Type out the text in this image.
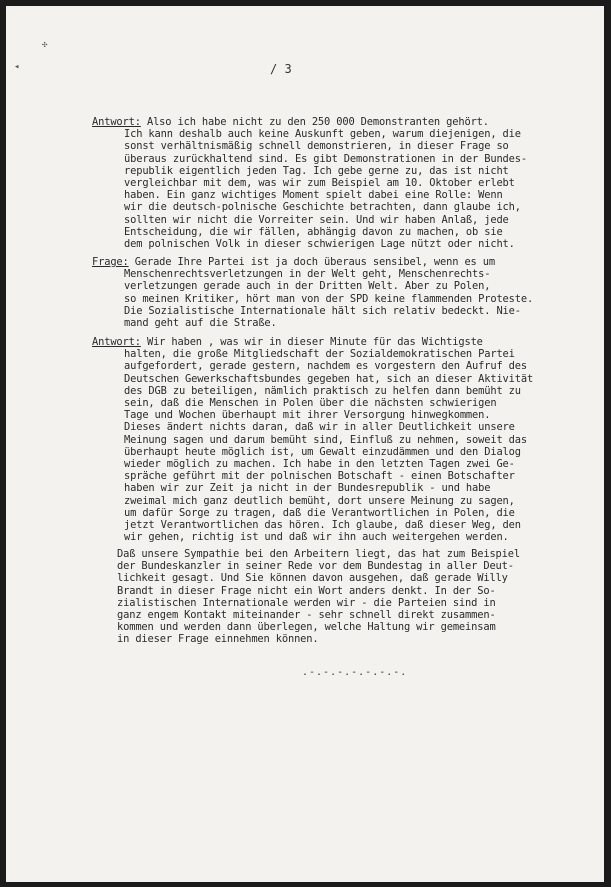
✣
◂	/ 3
Antwort: Also ich habe nicht zu den 250 000 Demonstranten gehört.
Ich kann deshalb auch keine Auskunft geben, warum diejenigen, die
sonst verhältnismäßig schnell demonstrieren, in dieser Frage so
überaus zurückhaltend sind. Es gibt Demonstrationen in der Bundes-
republik eigentlich jeden Tag. Ich gebe gerne zu, das ist nicht
vergleichbar mit dem, was wir zum Beispiel am 10. Oktober erlebt
haben. Ein ganz wichtiges Moment spielt dabei eine Rolle: Wenn
wir die deutsch-polnische Geschichte betrachten, dann glaube ich,
sollten wir nicht die Vorreiter sein. Und wir haben Anlaß, jede
Entscheidung, die wir fällen, abhängig davon zu machen, ob sie
dem polnischen Volk in dieser schwierigen Lage nützt oder nicht.
Frage: Gerade Ihre Partei ist ja doch überaus sensibel, wenn es um
Menschenrechtsverletzungen in der Welt geht, Menschenrechts-
verletzungen gerade auch in der Dritten Welt. Aber zu Polen,
so meinen Kritiker, hört man von der SPD keine flammenden Proteste.
Die Sozialistische Internationale hält sich relativ bedeckt. Nie-
mand geht auf die Straße.
Antwort: Wir haben , was wir in dieser Minute für das Wichtigste
halten, die große Mitgliedschaft der Sozialdemokratischen Partei
aufgefordert, gerade gestern, nachdem es vorgestern den Aufruf des
Deutschen Gewerkschaftsbundes gegeben hat, sich an dieser Aktivität
des DGB zu beteiligen, nämlich praktisch zu helfen dann bemüht zu
sein, daß die Menschen in Polen über die nächsten schwierigen
Tage und Wochen überhaupt mit ihrer Versorgung hinwegkommen.
Dieses ändert nichts daran, daß wir in aller Deutlichkeit unsere
Meinung sagen und darum bemüht sind, Einfluß zu nehmen, soweit das
überhaupt heute möglich ist, um Gewalt einzudämmen und den Dialog
wieder möglich zu machen. Ich habe in den letzten Tagen zwei Ge-
spräche geführt mit der polnischen Botschaft - einen Botschafter
haben wir zur Zeit ja nicht in der Bundesrepublik - und habe
zweimal mich ganz deutlich bemüht, dort unsere Meinung zu sagen,
um dafür Sorge zu tragen, daß die Verantwortlichen in Polen, die
jetzt Verantwortlichen das hören. Ich glaube, daß dieser Weg, den
wir gehen, richtig ist und daß wir ihn auch weitergehen werden.
Daß unsere Sympathie bei den Arbeitern liegt, das hat zum Beispiel
der Bundeskanzler in seiner Rede vor dem Bundestag in aller Deut-
lichkeit gesagt. Und Sie können davon ausgehen, daß gerade Willy
Brandt in dieser Frage nicht ein Wort anders denkt. In der So-
zialistischen Internationale werden wir - die Parteien sind in
ganz engem Kontakt miteinander - sehr schnell direkt zusammen-
kommen und werden dann überlegen, welche Haltung wir gemeinsam
in dieser Frage einnehmen können.
.-.-.-.-.-.-.-.
